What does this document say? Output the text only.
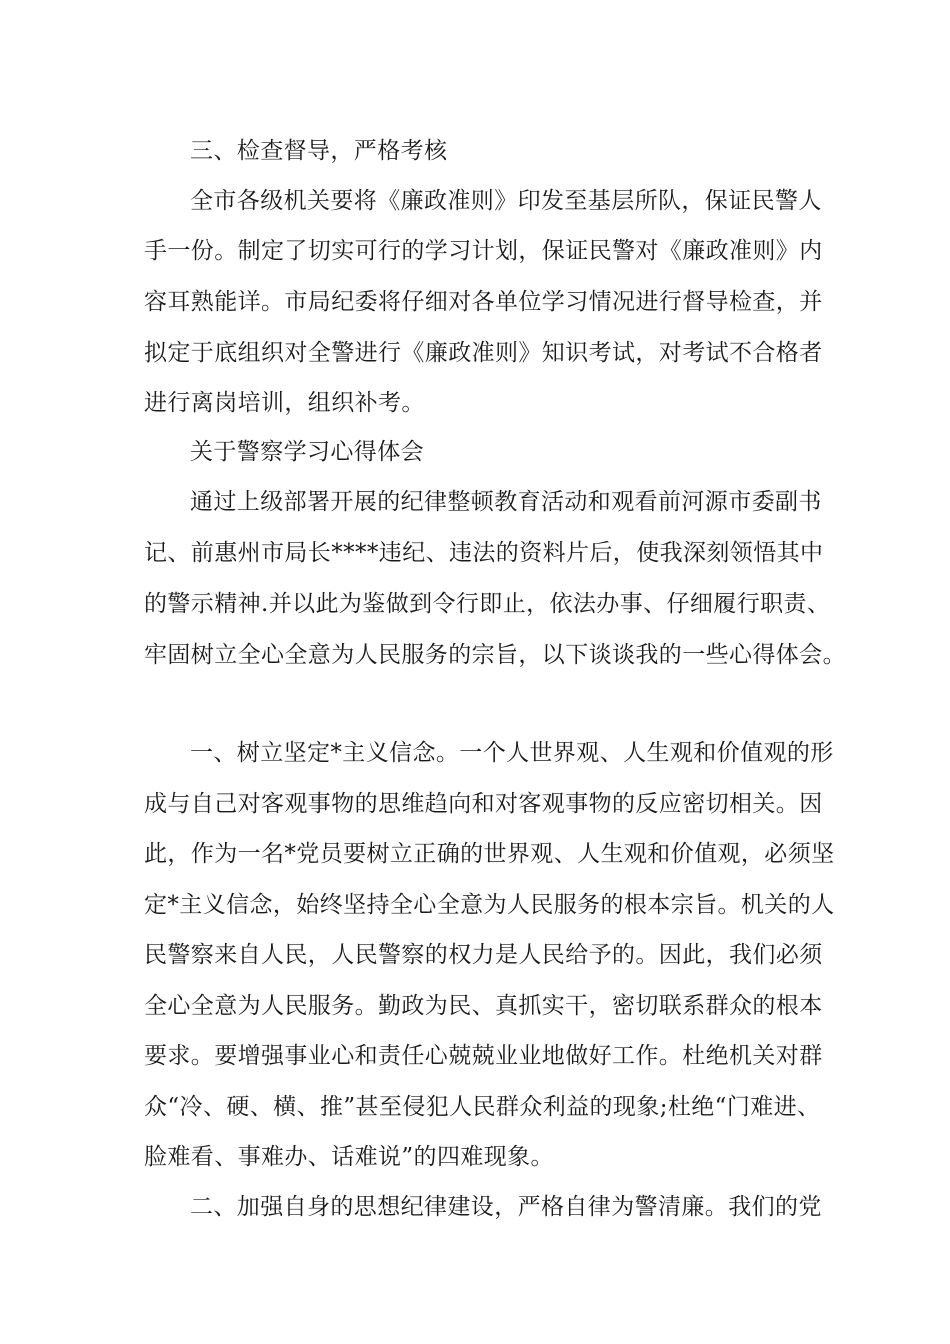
三、检查督导，严格考核
全市各级机关要将《廉政准则》印发至基层所队，保证民警人
手一份。制定了切实可行的学习计划，保证民警对《廉政准则》内
容耳熟能详。市局纪委将仔细对各单位学习情况进行督导检查，并
拟定于底组织对全警进行《廉政准则》知识考试，对考试不合格者
进行离岗培训，组织补考。
关于警察学习心得体会
通过上级部署开展的纪律整顿教育活动和观看前河源市委副书
记、前惠州市局长****违纪、违法的资料片后，使我深刻领悟其中
的警示精神.并以此为鉴做到令行即止，依法办事、仔细履行职责、
牢固树立全心全意为人民服务的宗旨，以下谈谈我的一些心得体会。
一、树立坚定*主义信念。一个人世界观、人生观和价值观的形
成与自己对客观事物的思维趋向和对客观事物的反应密切相关。因
此，作为一名*党员要树立正确的世界观、人生观和价值观，必须坚
定*主义信念，始终坚持全心全意为人民服务的根本宗旨。机关的人
民警察来自人民，人民警察的权力是人民给予的。因此，我们必须
全心全意为人民服务。勤政为民、真抓实干，密切联系群众的根本
要求。要增强事业心和责任心兢兢业业地做好工作。杜绝机关对群
众“冷、硬、横、推”甚至侵犯人民群众利益的现象;杜绝“门难进、
脸难看、事难办、话难说”的四难现象。
二、加强自身的思想纪律建设，严格自律为警清廉。我们的党
